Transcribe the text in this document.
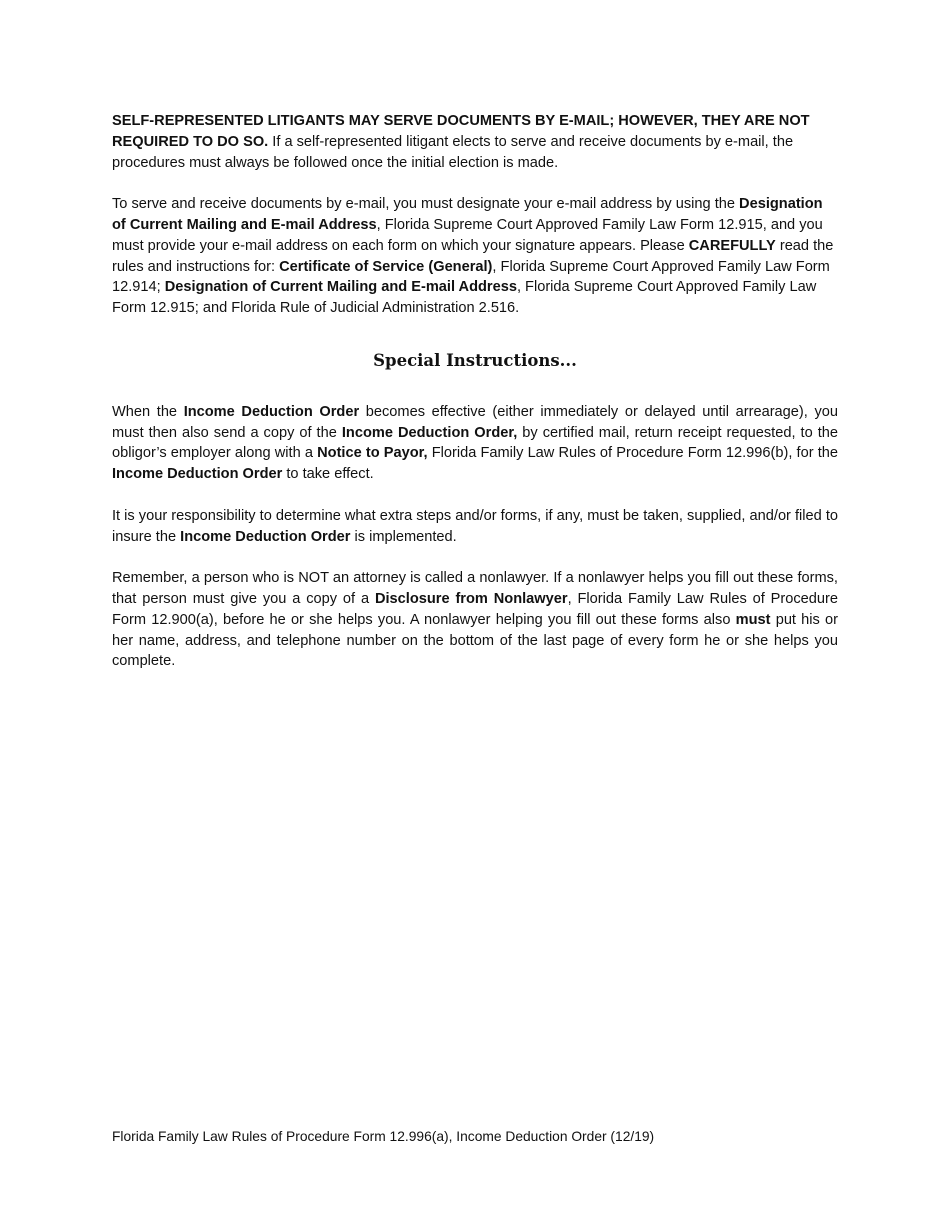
SELF-REPRESENTED LITIGANTS MAY SERVE DOCUMENTS BY E-MAIL; HOWEVER, THEY ARE NOT REQUIRED TO DO SO. If a self-represented litigant elects to serve and receive documents by e-mail, the procedures must always be followed once the initial election is made.

To serve and receive documents by e-mail, you must designate your e-mail address by using the Designation of Current Mailing and E-mail Address, Florida Supreme Court Approved Family Law Form 12.915, and you must provide your e-mail address on each form on which your signature appears. Please CAREFULLY read the rules and instructions for: Certificate of Service (General), Florida Supreme Court Approved Family Law Form 12.914; Designation of Current Mailing and E-mail Address, Florida Supreme Court Approved Family Law Form 12.915; and Florida Rule of Judicial Administration 2.516.

Special Instructions...

When the Income Deduction Order becomes effective (either immediately or delayed until arrearage), you must then also send a copy of the Income Deduction Order, by certified mail, return receipt requested, to the obligor’s employer along with a Notice to Payor, Florida Family Law Rules of Procedure Form 12.996(b), for the Income Deduction Order to take effect.

It is your responsibility to determine what extra steps and/or forms, if any, must be taken, supplied, and/or filed to insure the Income Deduction Order is implemented.

Remember, a person who is NOT an attorney is called a nonlawyer. If a nonlawyer helps you fill out these forms, that person must give you a copy of a Disclosure from Nonlawyer, Florida Family Law Rules of Procedure Form 12.900(a), before he or she helps you. A nonlawyer helping you fill out these forms also must put his or her name, address, and telephone number on the bottom of the last page of every form he or she helps you complete.

Florida Family Law Rules of Procedure Form 12.996(a), Income Deduction Order (12/19)
